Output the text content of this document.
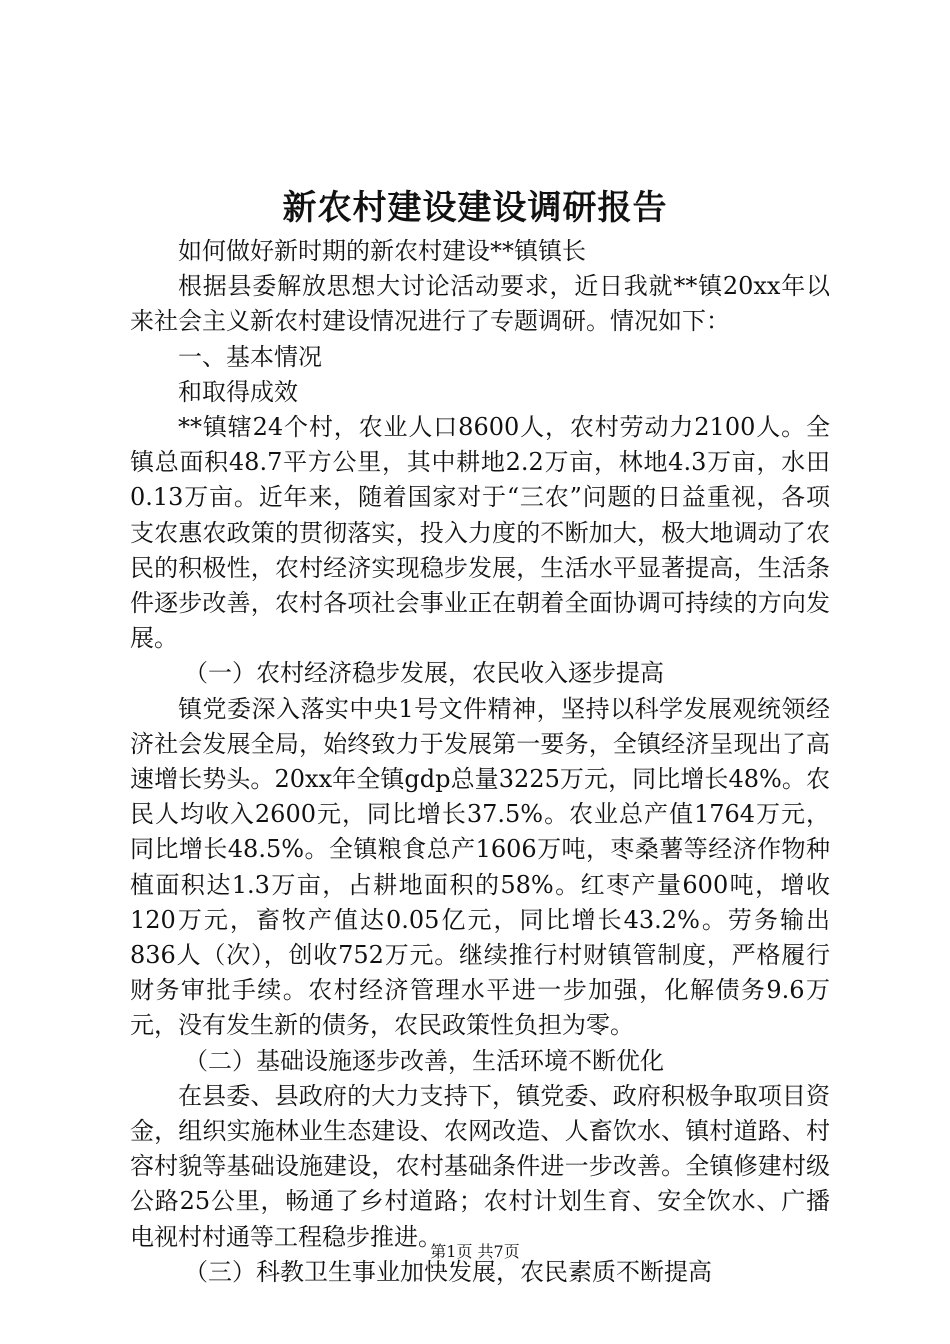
新农村建设建设调研报告

如何做好新时期的新农村建设**镇镇长

根据县委解放思想大讨论活动要求，近日我就**镇20xx年以来社会主义新农村建设情况进行了专题调研。情况如下：

一、基本情况

和取得成效

**镇辖24个村，农业人口8600人，农村劳动力2100人。全镇总面积48.7平方公里，其中耕地2.2万亩，林地4.3万亩，水田0.13万亩。近年来，随着国家对于“三农”问题的日益重视，各项支农惠农政策的贯彻落实，投入力度的不断加大，极大地调动了农民的积极性，农村经济实现稳步发展，生活水平显著提高，生活条件逐步改善，农村各项社会事业正在朝着全面协调可持续的方向发展。

（一）农村经济稳步发展，农民收入逐步提高

镇党委深入落实中央1号文件精神，坚持以科学发展观统领经济社会发展全局，始终致力于发展第一要务，全镇经济呈现出了高速增长势头。20xx年全镇gdp总量3225万元，同比增长48%。农民人均收入2600元，同比增长37.5%。农业总产值1764万元，同比增长48.5%。全镇粮食总产1606万吨，枣桑薯等经济作物种植面积达1.3万亩，占耕地面积的58%。红枣产量600吨，增收120万元，畜牧产值达0.05亿元，同比增长43.2%。劳务输出836人（次），创收752万元。继续推行村财镇管制度，严格履行财务审批手续。农村经济管理水平进一步加强，化解债务9.6万元，没有发生新的债务，农民政策性负担为零。

（二）基础设施逐步改善，生活环境不断优化

在县委、县政府的大力支持下，镇党委、政府积极争取项目资金，组织实施林业生态建设、农网改造、人畜饮水、镇村道路、村容村貌等基础设施建设，农村基础条件进一步改善。全镇修建村级公路25公里，畅通了乡村道路；农村计划生育、安全饮水、广播电视村村通等工程稳步推进。

（三）科教卫生事业加快发展，农民素质不断提高

第1页 共7页
